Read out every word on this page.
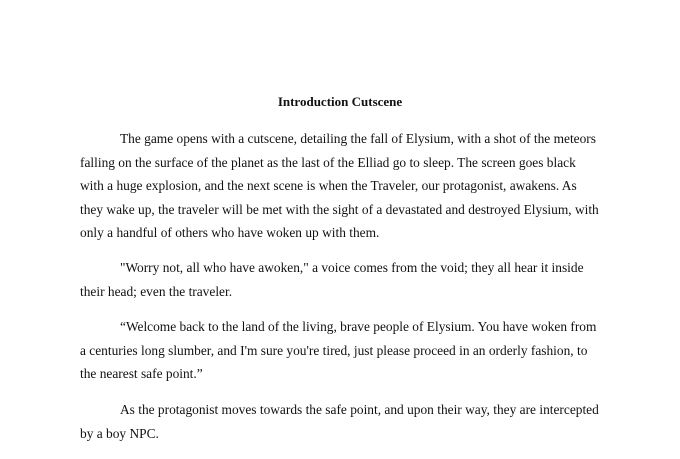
Introduction Cutscene

The game opens with a cutscene, detailing the fall of Elysium, with a shot of the meteors
falling on the surface of the planet as the last of the Elliad go to sleep. The screen goes black
with a huge explosion, and the next scene is when the Traveler, our protagonist, awakens. As
they wake up, the traveler will be met with the sight of a devastated and destroyed Elysium, with
only a handful of others who have woken up with them.

"Worry not, all who have awoken," a voice comes from the void; they all hear it inside
their head; even the traveler.

“Welcome back to the land of the living, brave people of Elysium. You have woken from
a centuries long slumber, and I'm sure you're tired, just please proceed in an orderly fashion, to
the nearest safe point.”

As the protagonist moves towards the safe point, and upon their way, they are intercepted
by a boy NPC.
